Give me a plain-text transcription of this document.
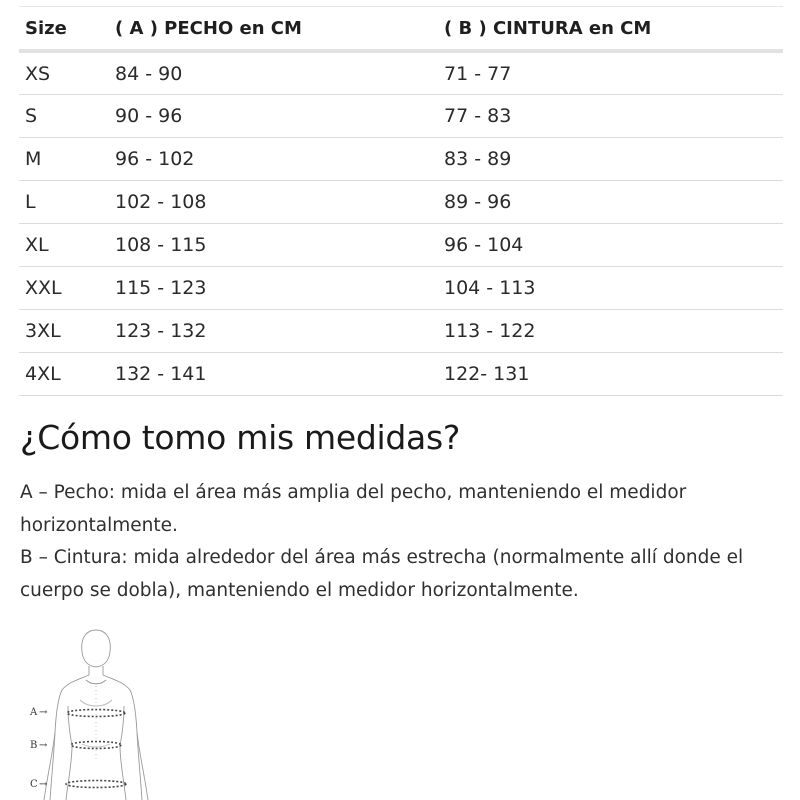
Size	( A ) PECHO en CM	( B ) CINTURA en CM
XS	84 - 90	71 - 77
S	90 - 96	77 - 83
M	96 - 102	83 - 89
L	102 - 108	89 - 96
XL	108 - 115	96 - 104
XXL	115 - 123	104 - 113
3XL	123 - 132	113 - 122
4XL	132 - 141	122- 131
¿Cómo tomo mis medidas?

A – Pecho: mida el área más amplia del pecho, manteniendo el medidor horizontalmente.

B – Cintura: mida alrededor del área más estrecha (normalmente allí donde el cuerpo se dobla), manteniendo el medidor horizontalmente.

A →
B →
C →
